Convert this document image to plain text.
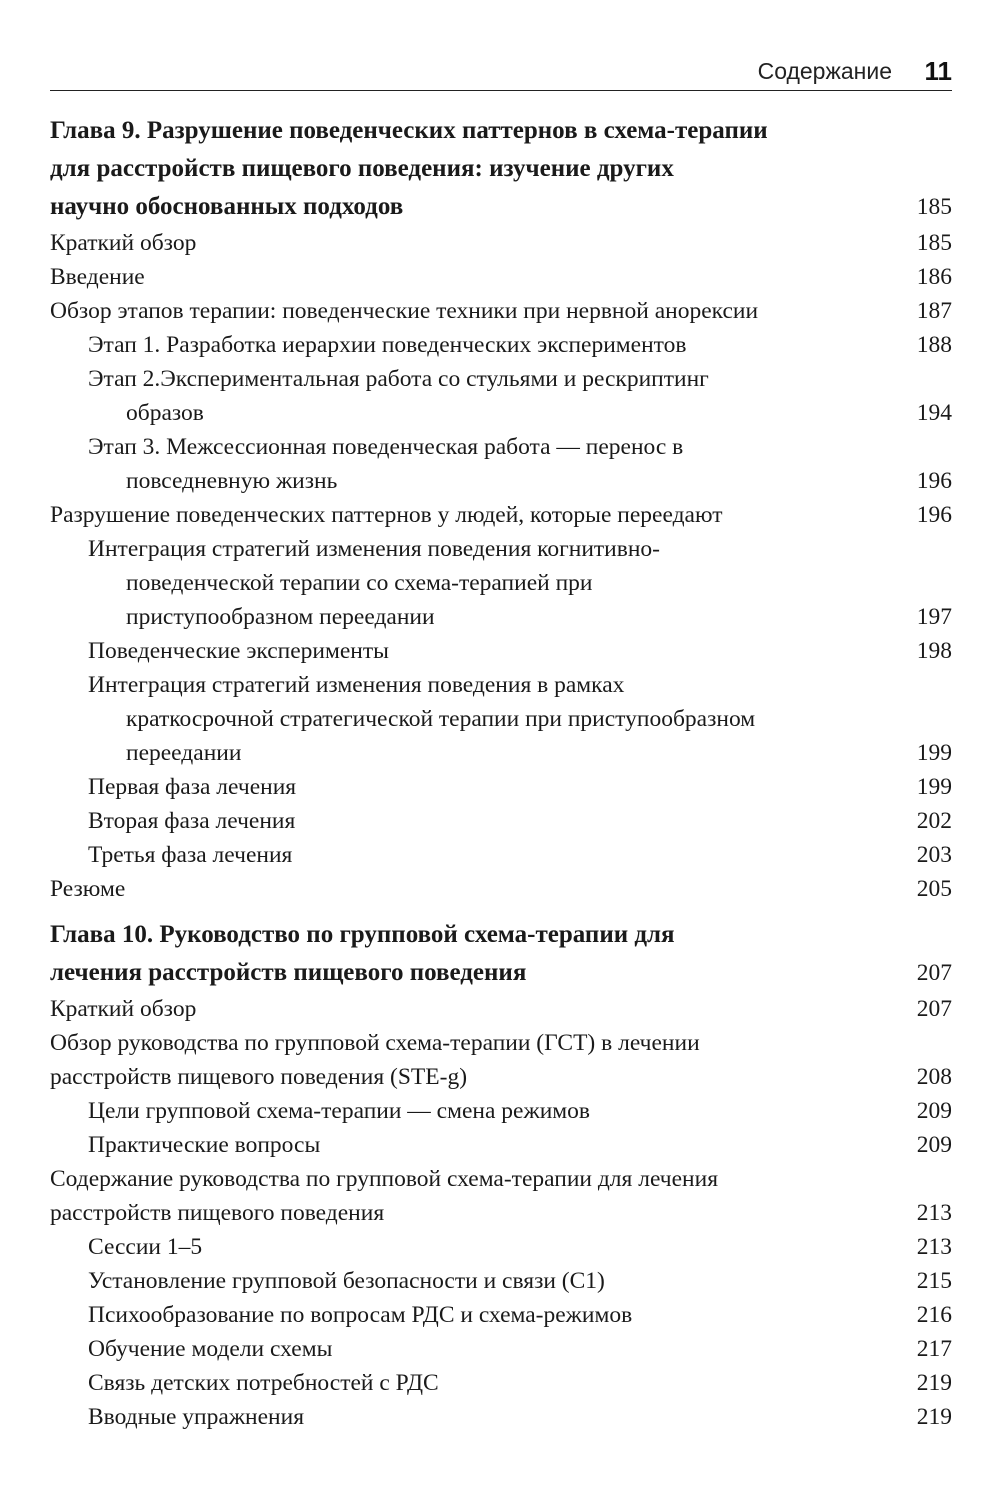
Содержание 11
Глава 9. Разрушение поведенческих паттернов в схема-терапии
для расстройств пищевого поведения: изучение других
научно обоснованных подходов	185
Краткий обзор	185
Введение	186
Обзор этапов терапии: поведенческие техники при нервной анорексии	187
Этап 1. Разработка иерархии поведенческих экспериментов	188
Этап 2.Экспериментальная работа со стульями и рескриптинг
образов	194
Этап 3. Межсессионная поведенческая работа — перенос в
повседневную жизнь	196
Разрушение поведенческих паттернов у людей, которые переедают	196
Интеграция стратегий изменения поведения когнитивно-
поведенческой терапии со схема-терапией при
приступообразном переедании	197
Поведенческие эксперименты	198
Интеграция стратегий изменения поведения в рамках
краткосрочной стратегической терапии при приступообразном
переедании	199
Первая фаза лечения	199
Вторая фаза лечения	202
Третья фаза лечения	203
Резюме	205
Глава 10. Руководство по групповой схема-терапии для
лечения расстройств пищевого поведения	207
Краткий обзор	207
Обзор руководства по групповой схема-терапии (ГСТ) в лечении
расстройств пищевого поведения (STE-g)	208
Цели групповой схема-терапии — смена режимов	209
Практические вопросы	209
Содержание руководства по групповой схема-терапии для лечения
расстройств пищевого поведения	213
Сессии 1–5	213
Установление групповой безопасности и связи (С1)	215
Психообразование по вопросам РДС и схема-режимов	216
Обучение модели схемы	217
Связь детских потребностей с РДС	219
Вводные упражнения	219
